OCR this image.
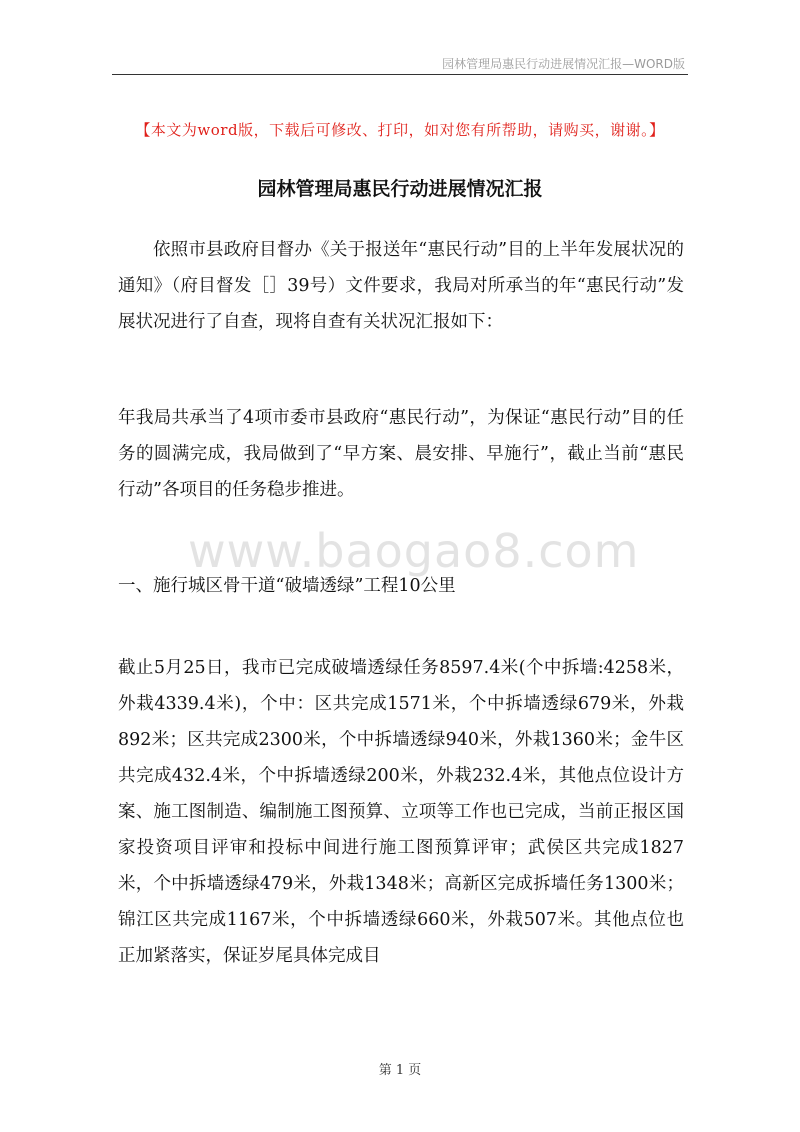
园林管理局惠民行动进展情况汇报—WORD版
【本文为word版，下载后可修改、打印，如对您有所帮助，请购买，谢谢。】
园林管理局惠民行动进展情况汇报
依照市县政府目督办《关于报送年“惠民行动”目的上半年发展状况的通知》（府目督发［］39号）文件要求，我局对所承当的年“惠民行动”发展状况进行了自查，现将自查有关状况汇报如下：
年我局共承当了4项市委市县政府“惠民行动”，为保证“惠民行动”目的任务的圆满完成，我局做到了“早方案、晨安排、早施行”，截止当前“惠民行动”各项目的任务稳步推进。
www.baogao8.com
一、施行城区骨干道“破墙透绿”工程10公里
截止5月25日，我市已完成破墙透绿任务8597.4米(个中拆墙:4258米，外栽4339.4米)，个中：区共完成1571米，个中拆墙透绿679米，外栽892米；区共完成2300米，个中拆墙透绿940米，外栽1360米；金牛区共完成432.4米，个中拆墙透绿200米，外栽232.4米，其他点位设计方案、施工图制造、编制施工图预算、立项等工作也已完成，当前正报区国家投资项目评审和投标中间进行施工图预算评审；武侯区共完成1827米，个中拆墙透绿479米，外栽1348米；高新区完成拆墙任务1300米；锦江区共完成1167米，个中拆墙透绿660米，外栽507米。其他点位也正加紧落实，保证岁尾具体完成目
第 1 页
